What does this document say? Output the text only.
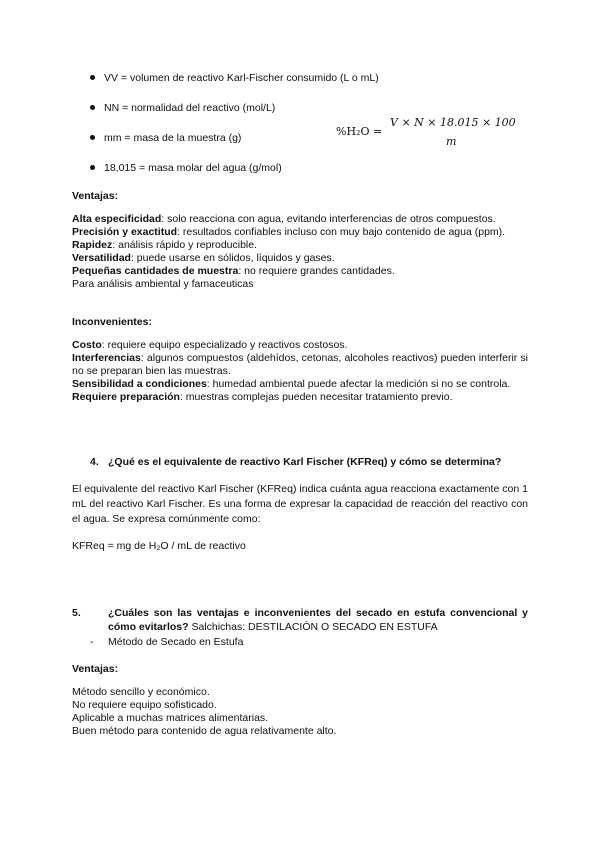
VV = volumen de reactivo Karl-Fischer consumido (L o mL)
NN = normalidad del reactivo (mol/L)
mm = masa de la muestra (g)
18,015 = masa molar del agua (g/mol)
%H₂O =
V × N × 18.015 × 100
m
Ventajas:
Alta especificidad: solo reacciona con agua, evitando interferencias de otros compuestos.
Precisión y exactitud: resultados confiables incluso con muy bajo contenido de agua (ppm).
Rapidez: análisis rápido y reproducible.
Versatilidad: puede usarse en sólidos, líquidos y gases.
Pequeñas cantidades de muestra: no requiere grandes cantidades.
Para análisis ambiental y famaceuticas
Inconvenientes:
Costo: requiere equipo especializado y reactivos costosos.
Interferencias: algunos compuestos (aldehídos, cetonas, alcoholes reactivos) pueden interferir si no se preparan bien las muestras.
Sensibilidad a condiciones: humedad ambiental puede afectar la medición si no se controla.
Requiere preparación: muestras complejas pueden necesitar tratamiento previo.
4. ¿Qué es el equivalente de reactivo Karl Fischer (KFReq) y cómo se determina?
El equivalente del reactivo Karl Fischer (KFReq) indica cuánta agua reacciona exactamente con 1 mL del reactivo Karl Fischer. Es una forma de expresar la capacidad de reacción del reactivo con el agua. Se expresa comúnmente como:
KFReq = mg de H₂O / mL de reactivo
5.	¿Cuáles son las ventajas e inconvenientes del secado en estufa convencional y cómo evitarlos? Salchichas: DESTILACIÓN O SECADO EN ESTUFA
- Método de Secado en Estufa
Ventajas:
Método sencillo y económico.
No requiere equipo sofisticado.
Aplicable a muchas matrices alimentarias.
Buen método para contenido de agua relativamente alto.
